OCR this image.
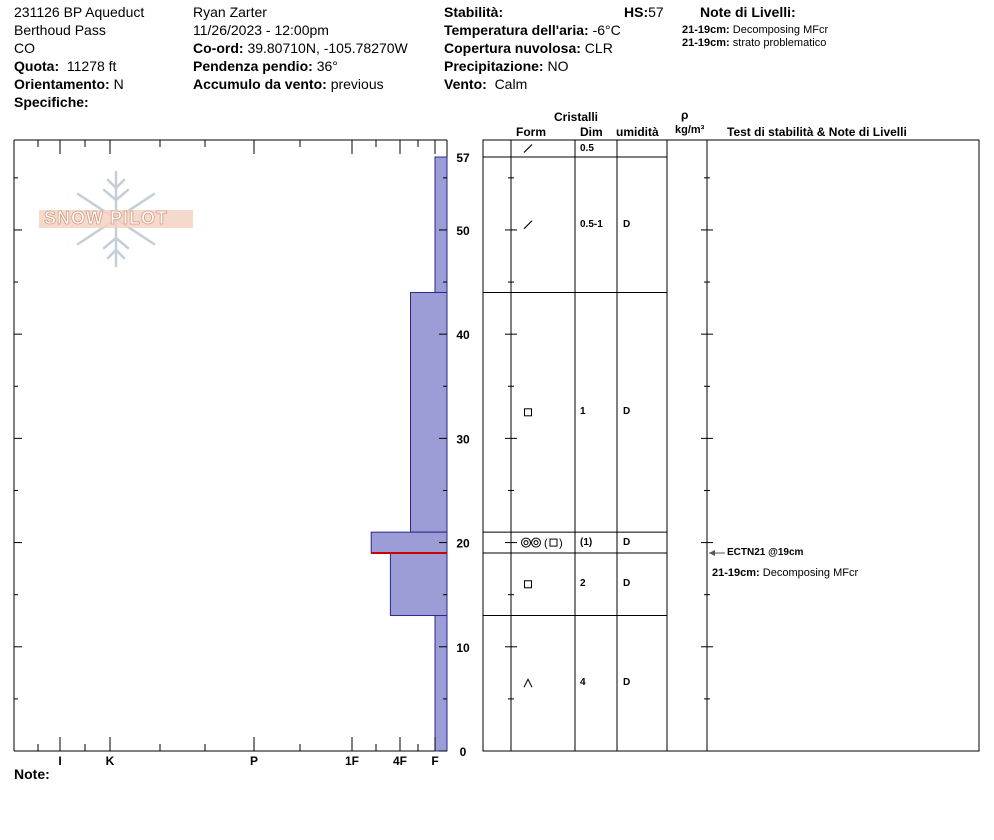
231126 BP Aqueduct
Berthoud Pass
CO
Quota: 11278 ft
Orientamento: N
Specifiche:
Ryan Zarter
11/26/2023 - 12:00pm
Co-ord: 39.80710N, -105.78270W
Pendenza pendio: 36°
Accumulo da vento: previous
Stabilità:	HS:57
Temperatura dell'aria: -6°C
Copertura nuvolosa: CLR
Precipitazione: NO
Vento: Calm
Note di Livelli:
21-19cm: Decomposing MFcr
21-19cm: strato problematico
Cristalli
Form	Dim umidità
ρ
kg/m³ Test di stabilità & Note di Livelli
SNOW PILOT
I	K	P	1F	4F F
0
10
20
30
40
50
57
( )
0.5
0.5-1 D
1	D
(1)	D
2	D
4	D
ECTN21 @19cm
21-19cm: Decomposing MFcr
Note:
